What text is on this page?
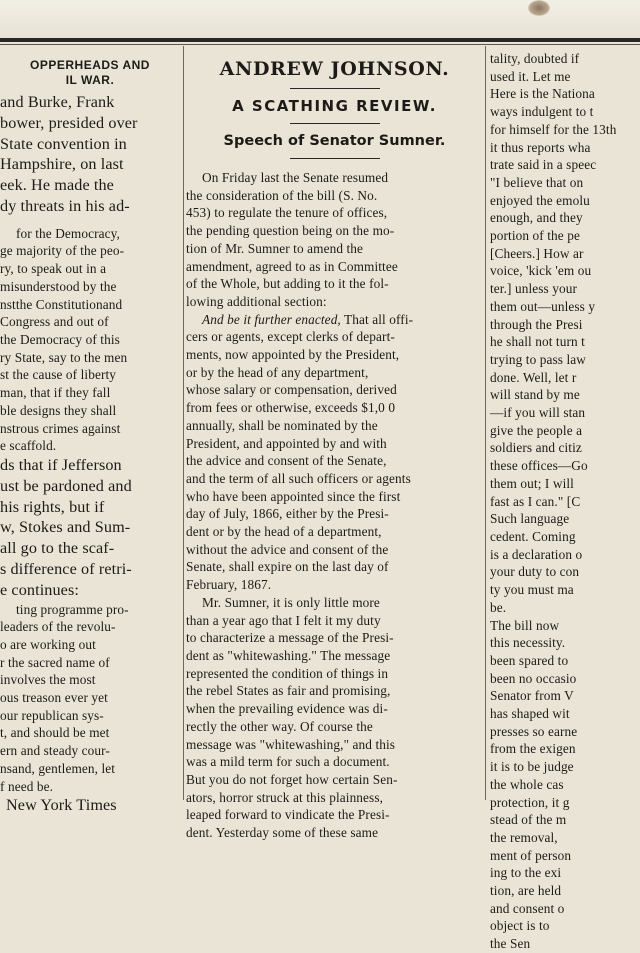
OPPERHEADS AND
IL WAR.
and Burke, Frank
bower, presided over
State convention in
Hampshire, on last
eek. He made the
dy threats in his ad-
for the Democracy,
ge majority of the peo-
ry, to speak out in a
misunderstood by the
nstthe Constitutionand
Congress and out of
the Democracy of this
ry State, say to the men
st the cause of liberty
man, that if they fall
ble designs they shall
nstrous crimes against
e scaffold.
ds that if Jefferson
ust be pardoned and
his rights, but if
w, Stokes and Sum-
all go to the scaf-
s difference of retri-
e continues:
ting programme pro-
leaders of the revolu-
o are working out
r the sacred name of
involves the most
ous treason ever yet
our republican sys-
t, and should be met
ern and steady cour-
nsand, gentlemen, let
f need be.
New York Times
ANDREW JOHNSON.
A SCATHING REVIEW.
Speech of Senator Sumner.
On Friday last the Senate resumed
the consideration of the bill (S. No.
453) to regulate the tenure of offices,
the pending question being on the mo-
tion of Mr. Sumner to amend the
amendment, agreed to as in Committee
of the Whole, but adding to it the fol-
lowing additional section:
And be it further enacted, That all offi-
cers or agents, except clerks of depart-
ments, now appointed by the President,
or by the head of any department,
whose salary or compensation, derived
from fees or otherwise, exceeds $1,0 0
annually, shall be nominated by the
President, and appointed by and with
the advice and consent of the Senate,
and the term of all such officers or agents
who have been appointed since the first
day of July, 1866, either by the Presi-
dent or by the head of a department,
without the advice and consent of the
Senate, shall expire on the last day of
February, 1867.
Mr. Sumner, it is only little more
than a year ago that I felt it my duty
to characterize a message of the Presi-
dent as "whitewashing." The message
represented the condition of things in
the rebel States as fair and promising,
when the prevailing evidence was di-
rectly the other way. Of course the
message was "whitewashing," and this
was a mild term for such a document.
But you do not forget how certain Sen-
ators, horror struck at this plainness,
leaped forward to vindicate the Presi-
dent. Yesterday some of these same
tality, doubted if
used it. Let me
Here is the Nationa
ways indulgent to t
for himself for the 13th
it thus reports wha
trate said in a speec
"I believe that on
enjoyed the emolu
enough, and they
portion of the pe
[Cheers.] How ar
voice, 'kick 'em ou
ter.] unless your
them out—unless y
through the Presi
he shall not turn t
trying to pass law
done. Well, let r
will stand by me
—if you will stan
give the people a
soldiers and citiz
these offices—Go
them out; I will
fast as I can." [C
Such language
cedent. Coming
is a declaration o
your duty to con
ty you must ma
be.
The bill now
this necessity.
been spared to
been no occasio
Senator from V
has shaped wit
presses so earne
from the exigen
it is to be judge
the whole cas
protection, it g
stead of the m
the removal,
ment of person
ing to the exi
tion, are held
and consent o
object is to
the Sen
